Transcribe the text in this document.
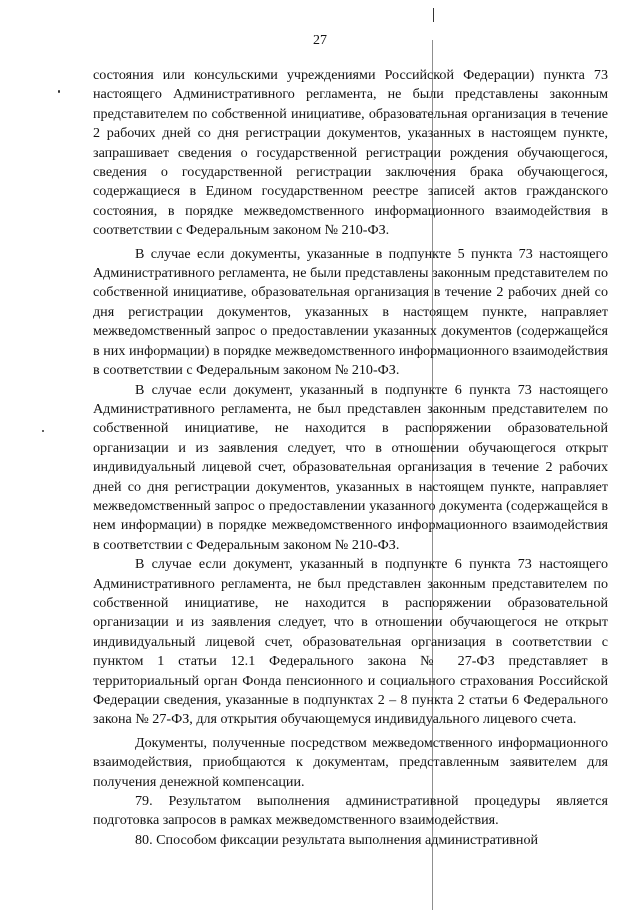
27

состояния или консульскими учреждениями Российской Федерации) пункта 73 настоящего Административного регламента, не были представлены законным представителем по собственной инициативе, образовательная организация в течение 2 рабочих дней со дня регистрации документов, указанных в настоящем пункте, запрашивает сведения о государственной регистрации рождения обучающегося, сведения о государственной регистрации заключения брака обучающегося, содержащиеся в Едином государственном реестре записей актов гражданского состояния, в порядке межведомственного информационного взаимодействия в соответствии с Федеральным законом № 210-ФЗ.

В случае если документы, указанные в подпункте 5 пункта 73 настоящего Административного регламента, не были представлены законным представителем по собственной инициативе, образовательная организация в течение 2 рабочих дней со дня регистрации документов, указанных в настоящем пункте, направляет межведомственный запрос о предоставлении указанных документов (содержащейся в них информации) в порядке межведомственного информационного взаимодействия в соответствии с Федеральным законом № 210-ФЗ.

В случае если документ, указанный в подпункте 6 пункта 73 настоящего Административного регламента, не был представлен законным представителем по собственной инициативе, не находится в распоряжении образовательной организации и из заявления следует, что в отношении обучающегося открыт индивидуальный лицевой счет, образовательная организация в течение 2 рабочих дней со дня регистрации документов, указанных в настоящем пункте, направляет межведомственный запрос о предоставлении указанного документа (содержащейся в нем информации) в порядке межведомственного информационного взаимодействия в соответствии с Федеральным законом № 210-ФЗ.

В случае если документ, указанный в подпункте 6 пункта 73 настоящего Административного регламента, не был представлен законным представителем по собственной инициативе, не находится в распоряжении образовательной организации и из заявления следует, что в отношении обучающегося не открыт индивидуальный лицевой счет, образовательная организация в соответствии с пунктом 1 статьи 12.1 Федерального закона № 27-ФЗ представляет в территориальный орган Фонда пенсионного и социального страхования Российской Федерации сведения, указанные в подпунктах 2 – 8 пункта 2 статьи 6 Федерального закона № 27-ФЗ, для открытия обучающемуся индивидуального лицевого счета.

Документы, полученные посредством межведомственного информационного взаимодействия, приобщаются к документам, представленным заявителем для получения денежной компенсации.

79. Результатом выполнения административной процедуры является подготовка запросов в рамках межведомственного взаимодействия.

80. Способом фиксации результата выполнения административной
